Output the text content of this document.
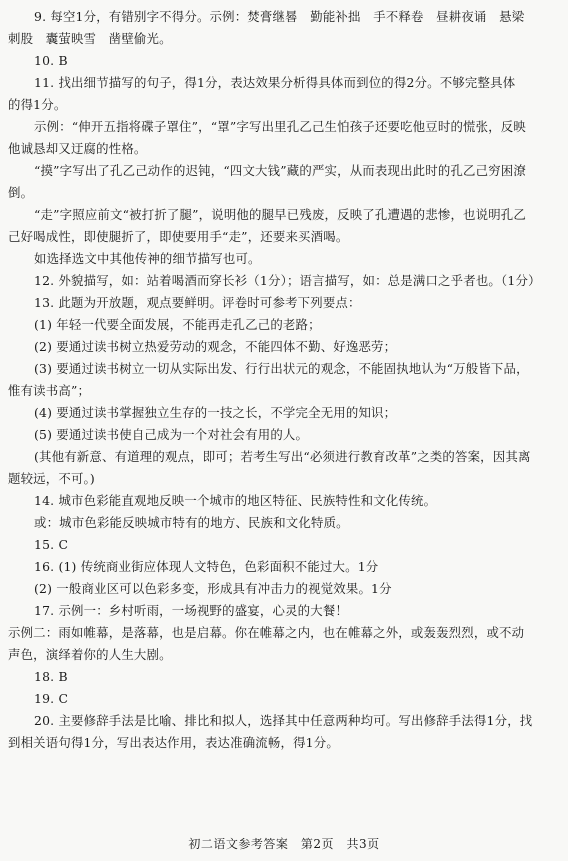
9. 每空1分，有错别字不得分。示例：焚膏继晷　勤能补拙　手不释卷　昼耕夜诵　悬梁
刺股　囊萤映雪　凿壁偷光。
10. B
11. 找出细节描写的句子，得1分，表达效果分析得具体而到位的得2分。不够完整具体
的得1分。
示例：“伸开五指将碟子罩住”，“罩”字写出里孔乙己生怕孩子还要吃他豆时的慌张，反映
他诚恳却又迂腐的性格。
“摸”字写出了孔乙己动作的迟钝，“四文大钱”藏的严实，从而表现出此时的孔乙己穷困潦
倒。
“走”字照应前文“被打折了腿”，说明他的腿早已残废，反映了孔遭遇的悲惨，也说明孔乙
己好喝成性，即使腿折了，即使要用手“走”，还要来买酒喝。
如选择选文中其他传神的细节描写也可。
12. 外貌描写，如：站着喝酒而穿长衫（1分）；语言描写，如：总是满口之乎者也。（1分）
13. 此题为开放题，观点要鲜明。评卷时可参考下列要点：
(1) 年轻一代要全面发展，不能再走孔乙己的老路；
(2) 要通过读书树立热爱劳动的观念，不能四体不勤、好逸恶劳；
(3) 要通过读书树立一切从实际出发、行行出状元的观念，不能固执地认为“万般皆下品，
惟有读书高”；
(4) 要通过读书掌握独立生存的一技之长，不学完全无用的知识；
(5) 要通过读书使自己成为一个对社会有用的人。
(其他有新意、有道理的观点，即可；若考生写出“必须进行教育改革”之类的答案，因其离
题较远，不可。)
14. 城市色彩能直观地反映一个城市的地区特征、民族特性和文化传统。
或：城市色彩能反映城市特有的地方、民族和文化特质。
15. C
16. (1) 传统商业街应体现人文特色，色彩面积不能过大。1分
(2) 一般商业区可以色彩多变，形成具有冲击力的视觉效果。1分
17. 示例一：乡村听雨，一场视野的盛宴，心灵的大餐！
示例二：雨如帷幕，是落幕，也是启幕。你在帷幕之内，也在帷幕之外，或轰轰烈烈，或不动
声色，演绎着你的人生大剧。
18. B
19. C
20. 主要修辞手法是比喻、排比和拟人，选择其中任意两种均可。写出修辞手法得1分，找
到相关语句得1分，写出表达作用，表达准确流畅，得1分。
初二语文参考答案　第2页　共3页
